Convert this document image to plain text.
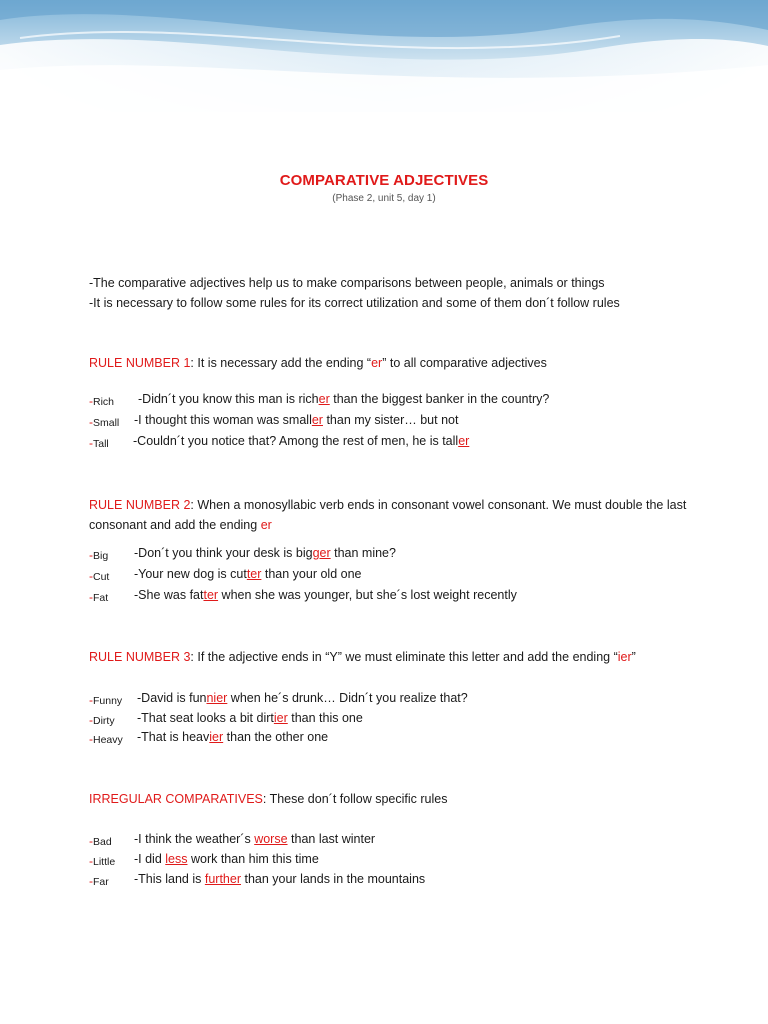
COMPARATIVE ADJECTIVES
(Phase 2, unit 5, day 1)
-The comparative adjectives help us to make comparisons between people, animals or things
-It is necessary to follow some rules for its correct utilization and some of them don´t follow rules
RULE NUMBER 1: It is necessary add the ending “er” to all comparative adjectives
-Rich -Didn´t you know this man is richer than the biggest banker in the country?
-Small -I thought this woman was smaller than my sister… but not
-Tall -Couldn´t you notice that? Among the rest of men, he is taller
RULE NUMBER 2: When a monosyllabic verb ends in consonant vowel consonant. We must double the last consonant and add the ending er
-Big -Don´t you think your desk is bigger than mine?
-Cut -Your new dog is cutter than your old one
-Fat -She was fatter when she was younger, but she´s lost weight recently
RULE NUMBER 3: If the adjective ends in “Y” we must eliminate this letter and add the ending “ier”
-Funny -David is funnier when he´s drunk… Didn´t you realize that?
-Dirty -That seat looks a bit dirtier than this one
-Heavy -That is heavier than the other one
IRREGULAR COMPARATIVES: These don´t follow specific rules
-Bad -I think the weather´s worse than last winter
-Little -I did less work than him this time
-Far -This land is further than your lands in the mountains
